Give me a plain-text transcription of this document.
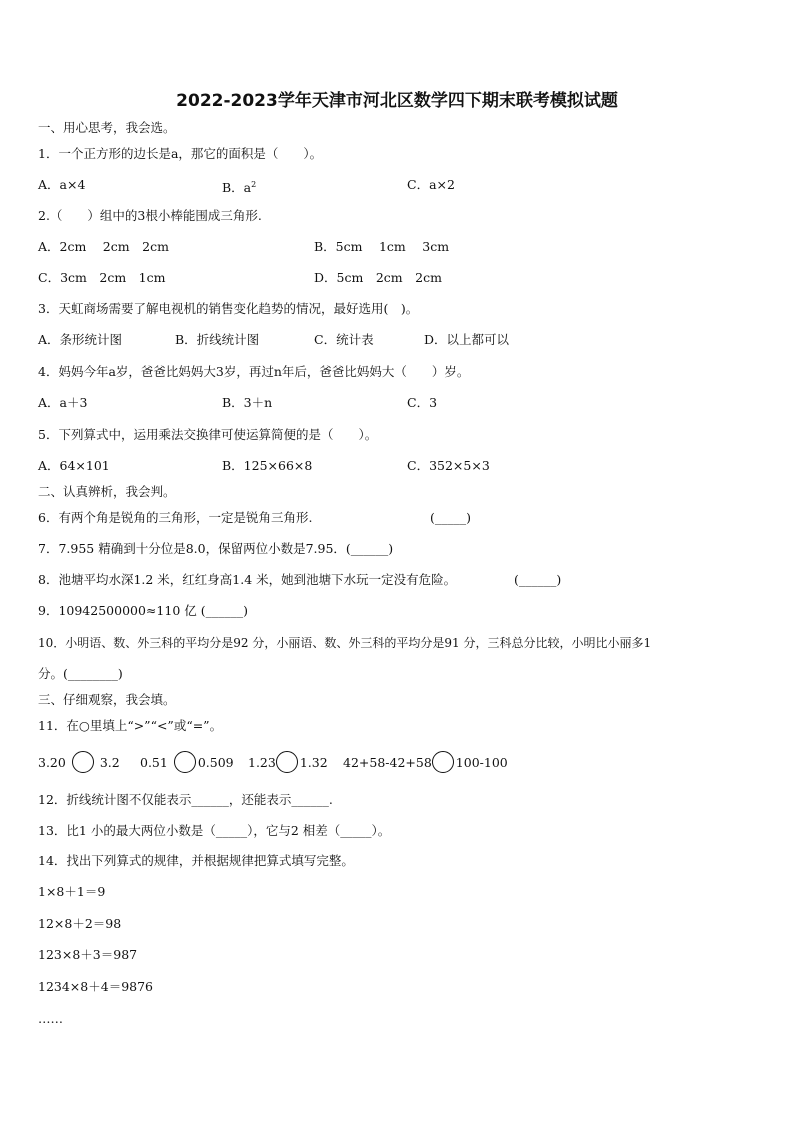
2022-2023学年天津市河北区数学四下期末联考模拟试题
一、用心思考，我会选。
1．一个正方形的边长是a，那它的面积是（　　）。
A．a×4	B．$a^2$	C．a×2
2.（　　）组中的3根小棒能围成三角形.
A．2cm　 2cm　2cm	B．5cm　 1cm　 3cm
C．3cm　2cm　1cm	D．5cm　2cm　2cm
3．天虹商场需要了解电视机的销售变化趋势的情况，最好选用(　)。
A．条形统计图	B．折线统计图	C．统计表	D．以上都可以
4．妈妈今年a岁，爸爸比妈妈大3岁，再过n年后，爸爸比妈妈大（　　）岁。
A．a＋3	B．3＋n	C．3
5．下列算式中，运用乘法交换律可使运算简便的是（　　）。
A．64×101	B．125×66×8	C．352×5×3
二、认真辨析，我会判。
6．有两个角是锐角的三角形，一定是锐角三角形.	(_____)
7．7.955 精确到十分位是8.0，保留两位小数是7.95．(______)
8．池塘平均水深1.2 米，红红身高1.4 米，她到池塘下水玩一定没有危险。	(______)
9．10942500000≈110 亿 (______)
10．小明语、数、外三科的平均分是92 分，小丽语、数、外三科的平均分是91 分，三科总分比较，小明比小丽多1
分。(________)
三、仔细观察，我会填。
11．在○里填上“>”“<”或“=”。
3.20	3.2 0.51 0.509 1.23 1.32 42+58-42+58 100-100
12．折线统计图不仅能表示______，还能表示______.
13．比1 小的最大两位小数是（_____），它与2 相差（_____）。
14．找出下列算式的规律，并根据规律把算式填写完整。
1×8＋1＝9
12×8＋2＝98
123×8＋3＝987
1234×8＋4＝9876
……
